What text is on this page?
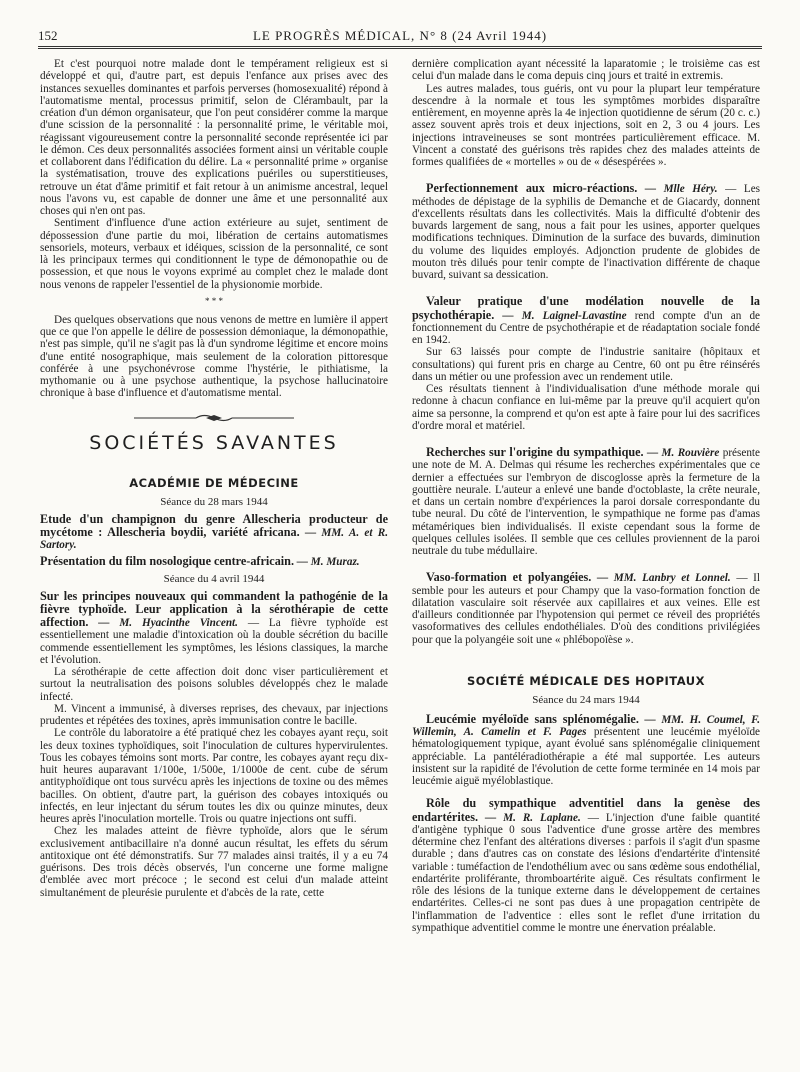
152	LE PROGRÈS MÉDICAL, N° 8 (24 Avril 1944)

Et c'est pourquoi notre malade dont le tempérament religieux est si développé et qui, d'autre part, est depuis l'enfance aux prises avec des instances sexuelles dominantes et parfois perverses (homosexualité) répond à l'automatisme mental, processus primitif, selon de Clérambault, par la création d'un démon organisateur, que l'on peut considérer comme la marque d'une scission de la personnalité : la personnalité prime, le véritable moi, réagissant vigoureusement contre la personnalité seconde représentée ici par le démon. Ces deux personnalités associées forment ainsi un véritable couple et collaborent dans l'édification du délire. La « personnalité prime » organise la systématisation, trouve des explications puériles ou superstitieuses, retrouve un état d'âme primitif et fait retour à un animisme ancestral, lequel nous l'avons vu, est capable de donner une âme et une personnalité aux choses qui n'en ont pas.

Sentiment d'influence d'une action extérieure au sujet, sentiment de dépossession d'une partie du moi, libération de certains automatismes sensoriels, moteurs, verbaux et idéiques, scission de la personnalité, ce sont là les principaux termes qui conditionnent le type de démonopathie ou de possession, et que nous le voyons exprimé au complet chez le malade dont nous venons de rappeler l'essentiel de la physionomie morbide.

* * *

Des quelques observations que nous venons de mettre en lumière il appert que ce que l'on appelle le délire de possession démoniaque, la démonopathie, n'est pas simple, qu'il ne s'agit pas là d'un syndrome légitime et encore moins d'une entité nosographique, mais seulement de la coloration pittoresque conférée à une psychonévrose comme l'hystérie, le pithiatisme, la mythomanie ou à une psychose authentique, la psychose hallucinatoire chronique à base d'influence et d'automatisme mental.

SOCIÉTÉS SAVANTES
ACADÉMIE DE MÉDECINE
Séance du 28 mars 1944

Etude d'un champignon du genre Allescheria producteur de mycétome : Allescheria boydii, variété africana. — MM. A. et R. Sartory.

Présentation du film nosologique centre-africain. — M. Muraz.

Séance du 4 avril 1944

Sur les principes nouveaux qui commandent la pathogénie de la fièvre typhoïde. Leur application à la sérothérapie de cette affection. — M. Hyacinthe Vincent. — La fièvre typhoïde est essentiellement une maladie d'intoxication où la double sécrétion du bacille commende essentiellement les symptômes, les lésions classiques, la marche et l'évolution.

La sérothérapie de cette affection doit donc viser particulièrement et surtout la neutralisation des poisons solubles développés chez le malade infecté.

M. Vincent a immunisé, à diverses reprises, des chevaux, par injections prudentes et répétées des toxines, après immunisation contre le bacille.

Le contrôle du laboratoire a été pratiqué chez les cobayes ayant reçu, soit les deux toxines typhoïdiques, soit l'inoculation de cultures hypervirulentes. Tous les cobayes témoins sont morts. Par contre, les cobayes ayant reçu dix-huit heures auparavant 1/100e, 1/500e, 1/1000e de cent. cube de sérum antityphoïdique ont tous survécu après les injections de toxine ou des mêmes bacilles. On obtient, d'autre part, la guérison des cobayes intoxiqués ou infectés, en leur injectant du sérum toutes les dix ou quinze minutes, deux heures après l'inoculation mortelle. Trois ou quatre injections ont suffi.

Chez les malades atteint de fièvre typhoïde, alors que le sérum exclusivement antibacillaire n'a donné aucun résultat, les effets du sérum antitoxique ont été démonstratifs. Sur 77 malades ainsi traités, il y a eu 74 guérisons. Des trois décès observés, l'un concerne une forme maligne d'emblée avec mort précoce ; le second est celui d'un malade atteint simultanément de pleurésie purulente et d'abcès de la rate, cette

dernière complication ayant nécessité la laparatomie ; le troisième cas est celui d'un malade dans le coma depuis cinq jours et traité in extremis.

Les autres malades, tous guéris, ont vu pour la plupart leur température descendre à la normale et tous les symptômes morbides disparaître entièrement, en moyenne après la 4e injection quotidienne de sérum (20 c. c.) assez souvent après trois et deux injections, soit en 2, 3 ou 4 jours. Les injections intraveineuses se sont montrées particulièrement efficace. M. Vincent a constaté des guérisons très rapides chez des malades atteints de formes qualifiées de « mortelles » ou de « désespérées ».

Perfectionnement aux micro-réactions. — Mlle Héry. — Les méthodes de dépistage de la syphilis de Demanche et de Giacardy, donnent d'excellents résultats dans les collectivités. Mais la difficulté d'obtenir des buvards largement de sang, nous a fait pour les usines, apporter quelques modifications techniques. Diminution de la surface des buvards, diminution du volume des liquides employés. Adjonction prudente de globides de mouton très dilués pour tenir compte de l'inactivation différente de chaque buvard, suivant sa dessication.

Valeur pratique d'une modélation nouvelle de la psychothérapie. — M. Laignel-Lavastine rend compte d'un an de fonctionnement du Centre de psychothérapie et de réadaptation sociale fondé en 1942.

Sur 63 laissés pour compte de l'industrie sanitaire (hôpitaux et consultations) qui furent pris en charge au Centre, 60 ont pu être réinsérés dans un métier ou une profession avec un rendement utile.

Ces résultats tiennent à l'individualisation d'une méthode morale qui redonne à chacun confiance en lui-même par la preuve qu'il acquiert qu'on aime sa personne, la comprend et qu'on est apte à faire pour lui des sacrifices d'ordre moral et matériel.

Recherches sur l'origine du sympathique. — M. Rouvière présente une note de M. A. Delmas qui résume les recherches expérimentales que ce dernier a effectuées sur l'embryon de discoglosse après la fermeture de la gouttière neurale. L'auteur a enlevé une bande d'octoblaste, la crête neurale, et dans un certain nombre d'expériences la paroi dorsale correspondante du tube neural. Du côté de l'intervention, le sympathique ne forme pas d'amas métamériques bien individualisés. Il existe cependant sous la forme de quelques cellules isolées. Il semble que ces cellules proviennent de la paroi neutrale du tube médullaire.

Vaso-formation et polyangéies. — MM. Lanbry et Lonnel. — Il semble pour les auteurs et pour Champy que la vaso-formation fonction de dilatation vasculaire soit réservée aux capillaires et aux veines. Elle est d'ailleurs conditionnée par l'hypotension qui permet ce réveil des propriétés vasoformatives des cellules endothéliales. D'où des conditions privilégiées pour que la polyangéie soit une « phlébopoïèse ».

SOCIÉTÉ MÉDICALE DES HOPITAUX
Séance du 24 mars 1944

Leucémie myéloïde sans splénomégalie. — MM. H. Coumel, F. Willemin, A. Camelin et F. Pages présentent une leucémie myéloïde hématologiquement typique, ayant évolué sans splénomégalie cliniquement appréciable. La pantéléradiothérapie a été mal supportée. Les auteurs insistent sur la rapidité de l'évolution de cette forme terminée en 14 mois par leucémie aiguë myéloblastique.

Rôle du sympathique adventitiel dans la genèse des endartérites. — M. R. Laplane. — L'injection d'une faible quantité d'antigène typhique 0 sous l'adventice d'une grosse artère des membres détermine chez l'enfant des altérations diverses : parfois il s'agit d'un spasme durable ; dans d'autres cas on constate des lésions d'endartérite d'intensité variable : tuméfaction de l'endothélium avec ou sans œdème sous endothélial, endartérite proliférante, thromboartérite aiguë. Ces résultats confirment le rôle des lésions de la tunique externe dans le développement de certaines endartérites. Celles-ci ne sont pas dues à une propagation centripète de l'inflammation de l'adventice : elles sont le reflet d'une irritation du sympathique adventitiel comme le montre une énervation préalable.
